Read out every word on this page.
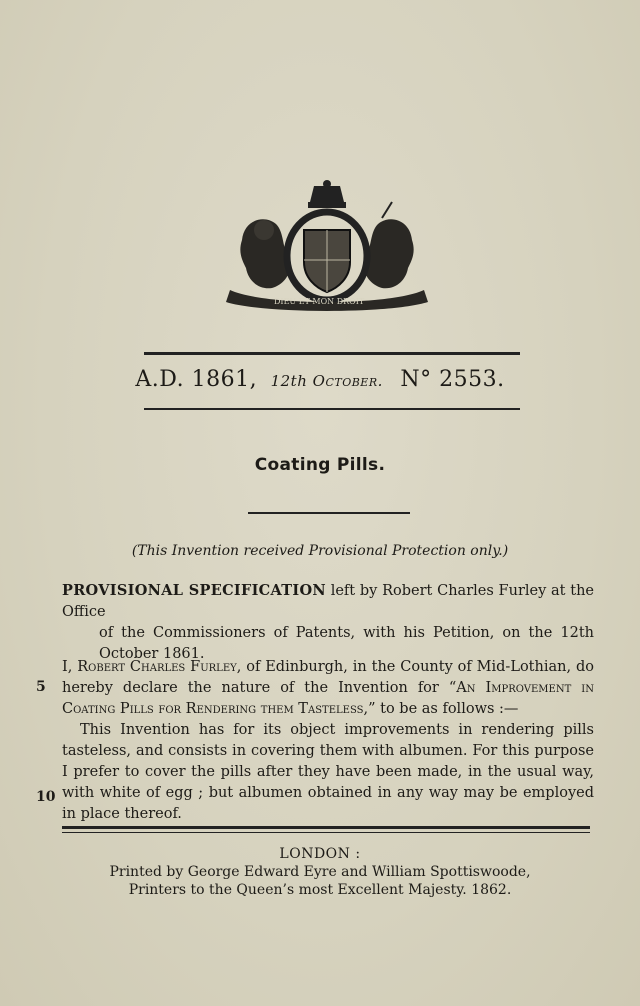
DIEU ET MON DROIT
A.D. 1861, 12th October. N° 2553.
Coating Pills.
(This Invention received Provisional Protection only.)
PROVISIONAL SPECIFICATION left by Robert Charles Furley at the Office
of the Commissioners of Patents, with his Petition, on the 12th October 1861.
I, Robert Charles Furley, of Edinburgh, in the County of Mid-Lothian, do hereby declare the nature of the Invention for “An Improvement in Coating Pills for Rendering them Tasteless,” to be as follows :—
This Invention has for its object improvements in rendering pills tasteless, and consists in covering them with albumen. For this purpose I prefer to cover the pills after they have been made, in the usual way, with white of egg ; but albumen obtained in any way may be employed in place thereof.
5
10
LONDON :
Printed by George Edward Eyre and William Spottiswoode,
Printers to the Queen’s most Excellent Majesty. 1862.
